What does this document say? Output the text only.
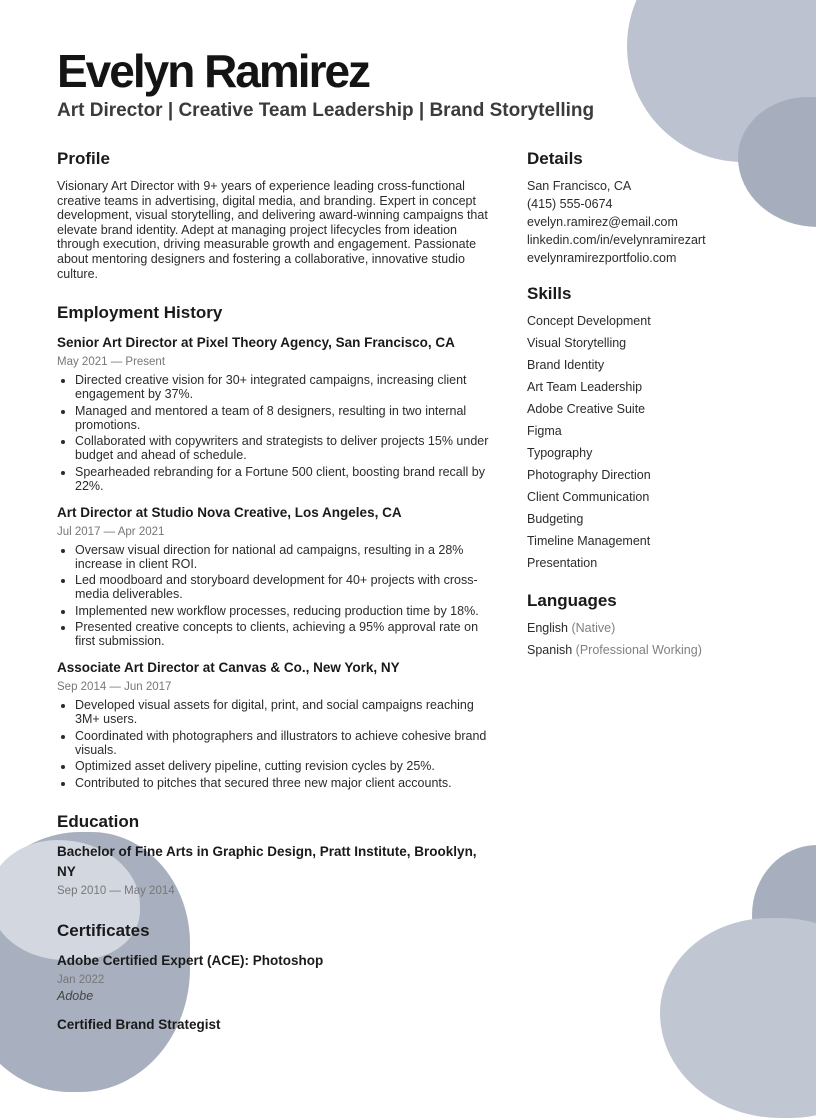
Evelyn Ramirez
Art Director | Creative Team Leadership | Brand Storytelling
Profile

Visionary Art Director with 9+ years of experience leading cross-functional creative teams in advertising, digital media, and branding. Expert in concept development, visual storytelling, and delivering award-winning campaigns that elevate brand identity. Adept at managing project lifecycles from ideation through execution, driving measurable growth and engagement. Passionate about mentoring designers and fostering a collaborative, innovative studio culture.

Employment History
Senior Art Director at Pixel Theory Agency, San Francisco, CA
May 2021 — Present
• Directed creative vision for 30+ integrated campaigns, increasing client engagement by 37%.
• Managed and mentored a team of 8 designers, resulting in two internal promotions.
• Collaborated with copywriters and strategists to deliver projects 15% under budget and ahead of schedule.
• Spearheaded rebranding for a Fortune 500 client, boosting brand recall by 22%.
Art Director at Studio Nova Creative, Los Angeles, CA
Jul 2017 — Apr 2021
• Oversaw visual direction for national ad campaigns, resulting in a 28% increase in client ROI.
• Led moodboard and storyboard development for 40+ projects with cross-media deliverables.
• Implemented new workflow processes, reducing production time by 18%.
• Presented creative concepts to clients, achieving a 95% approval rate on first submission.
Associate Art Director at Canvas & Co., New York, NY
Sep 2014 — Jun 2017
• Developed visual assets for digital, print, and social campaigns reaching 3M+ users.
• Coordinated with photographers and illustrators to achieve cohesive brand visuals.
• Optimized asset delivery pipeline, cutting revision cycles by 25%.
• Contributed to pitches that secured three new major client accounts.
Education
Bachelor of Fine Arts in Graphic Design, Pratt Institute, Brooklyn, NY
Sep 2010 — May 2014
Certificates
Adobe Certified Expert (ACE): Photoshop
Jan 2022
Adobe
Certified Brand Strategist
Details
San Francisco, CA
(415) 555-0674
evelyn.ramirez@email.com
linkedin.com/in/evelynramirezart
evelynramirezportfolio.com
Skills
Concept Development
Visual Storytelling
Brand Identity
Art Team Leadership
Adobe Creative Suite
Figma
Typography
Photography Direction
Client Communication
Budgeting
Timeline Management
Presentation
Languages
English (Native)
Spanish (Professional Working)
